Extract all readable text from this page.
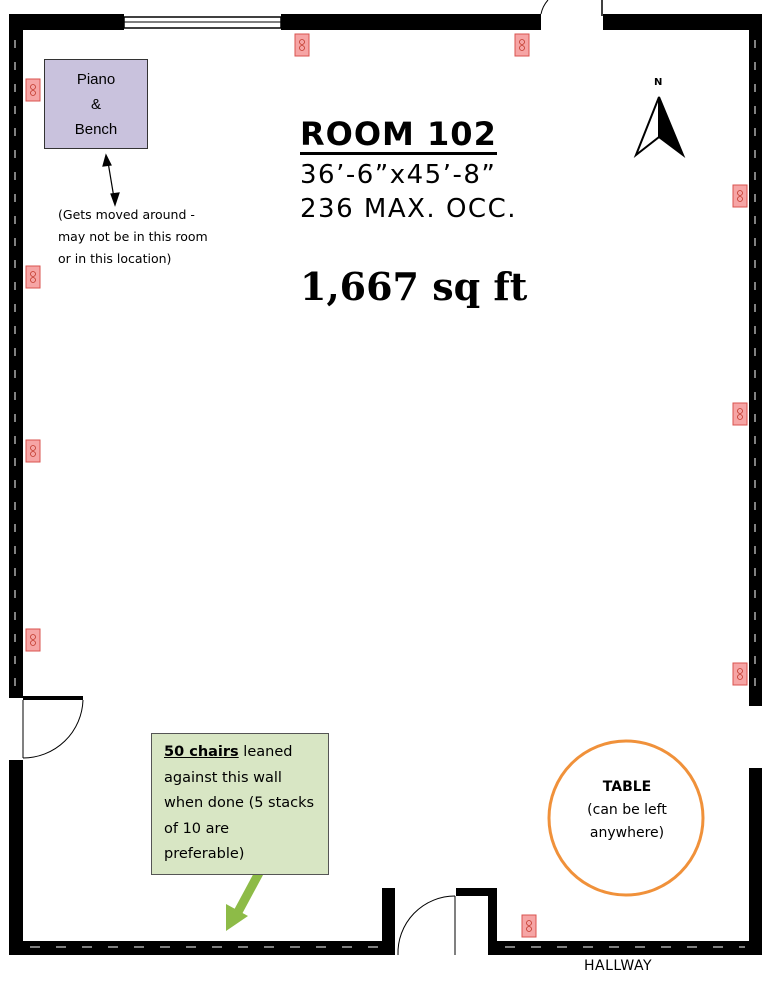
Piano
&
Bench
(Gets moved around -
may not be in this room
or in this location)
ROOM 102
36’-6”x45’-8”
236 MAX. OCC.
1,667 sq ft
N
50 chairs leaned
against this wall
when done (5 stacks
of 10 are
preferable)
TABLE
(can be left
anywhere)
HALLWAY
